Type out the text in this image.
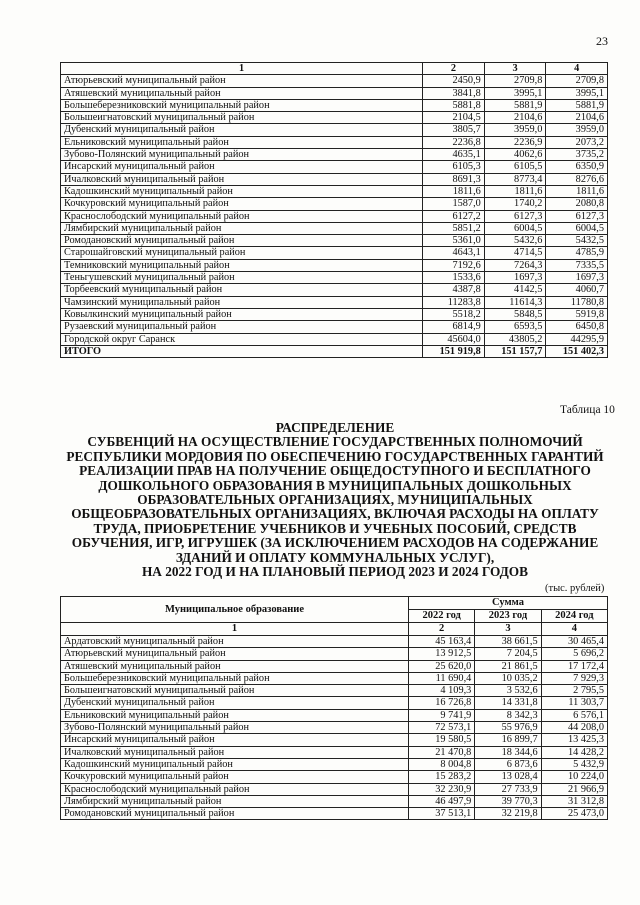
23
1	2	3	4
Атюрьевский муниципальный район	2450,9	2709,8	2709,8
Атяшевский муниципальный район	3841,8	3995,1	3995,1
Большеберезниковский муниципальный район	5881,8	5881,9	5881,9
Большеигнатовский муниципальный район	2104,5	2104,6	2104,6
Дубенский муниципальный район	3805,7	3959,0	3959,0
Ельниковский муниципальный район	2236,8	2236,9	2073,2
Зубово-Полянский муниципальный район	4635,1	4062,6	3735,2
Инсарский муниципальный район	6105,3	6105,5	6350,9
Ичалковский муниципальный район	8691,3	8773,4	8276,6
Кадошкинский муниципальный район	1811,6	1811,6	1811,6
Кочкуровский муниципальный район	1587,0	1740,2	2080,8
Краснослободский муниципальный район	6127,2	6127,3	6127,3
Лямбирский муниципальный район	5851,2	6004,5	6004,5
Ромодановский муниципальный район	5361,0	5432,6	5432,5
Старошайговский муниципальный район	4643,1	4714,5	4785,9
Темниковский муниципальный район	7192,6	7264,3	7335,5
Теньгушевский муниципальный район	1533,6	1697,3	1697,3
Торбеевский муниципальный район	4387,8	4142,5	4060,7
Чамзинский муниципальный район	11283,8	11614,3	11780,8
Ковылкинский муниципальный район	5518,2	5848,5	5919,8
Рузаевский муниципальный район	6814,9	6593,5	6450,8
Городской округ Саранск	45604,0	43805,2	44295,9
ИТОГО	151 919,8	151 157,7	151 402,3
Таблица 10
РАСПРЕДЕЛЕНИЕ
СУБВЕНЦИЙ НА ОСУЩЕСТВЛЕНИЕ ГОСУДАРСТВЕННЫХ ПОЛНОМОЧИЙ
РЕСПУБЛИКИ МОРДОВИЯ ПО ОБЕСПЕЧЕНИЮ ГОСУДАРСТВЕННЫХ ГАРАНТИЙ
РЕАЛИЗАЦИИ ПРАВ НА ПОЛУЧЕНИЕ ОБЩЕДОСТУПНОГО И БЕСПЛАТНОГО
ДОШКОЛЬНОГО ОБРАЗОВАНИЯ В МУНИЦИПАЛЬНЫХ ДОШКОЛЬНЫХ
ОБРАЗОВАТЕЛЬНЫХ ОРГАНИЗАЦИЯХ, МУНИЦИПАЛЬНЫХ
ОБЩЕОБРАЗОВАТЕЛЬНЫХ ОРГАНИЗАЦИЯХ, ВКЛЮЧАЯ РАСХОДЫ НА ОПЛАТУ
ТРУДА, ПРИОБРЕТЕНИЕ УЧЕБНИКОВ И УЧЕБНЫХ ПОСОБИЙ, СРЕДСТВ
ОБУЧЕНИЯ, ИГР, ИГРУШЕК (ЗА ИСКЛЮЧЕНИЕМ РАСХОДОВ НА СОДЕРЖАНИЕ
ЗДАНИЙ И ОПЛАТУ КОММУНАЛЬНЫХ УСЛУГ),
НА 2022 ГОД И НА ПЛАНОВЫЙ ПЕРИОД 2023 И 2024 ГОДОВ
(тыс. рублей)
Муниципальное образование	Сумма		
	2022 год	2023 год	2024 год
1	2	3	4
Ардатовский муниципальный район	45 163,4	38 661,5	30 465,4
Атюрьевский муниципальный район	13 912,5	7 204,5	5 696,2
Атяшевский муниципальный район	25 620,0	21 861,5	17 172,4
Большеберезниковский муниципальный район	11 690,4	10 035,2	7 929,3
Большеигнатовский муниципальный район	4 109,3	3 532,6	2 795,5
Дубенский муниципальный район	16 726,8	14 331,8	11 303,7
Ельниковский муниципальный район	9 741,9	8 342,3	6 576,1
Зубово-Полянский муниципальный район	72 573,1	55 976,9	44 208,0
Инсарский муниципальный район	19 580,5	16 899,7	13 425,3
Ичалковский муниципальный район	21 470,8	18 344,6	14 428,2
Кадошкинский муниципальный район	8 004,8	6 873,6	5 432,9
Кочкуровский муниципальный район	15 283,2	13 028,4	10 224,0
Краснослободский муниципальный район	32 230,9	27 733,9	21 966,9
Лямбирский муниципальный район	46 497,9	39 770,3	31 312,8
Ромодановский муниципальный район	37 513,1	32 219,8	25 473,0
